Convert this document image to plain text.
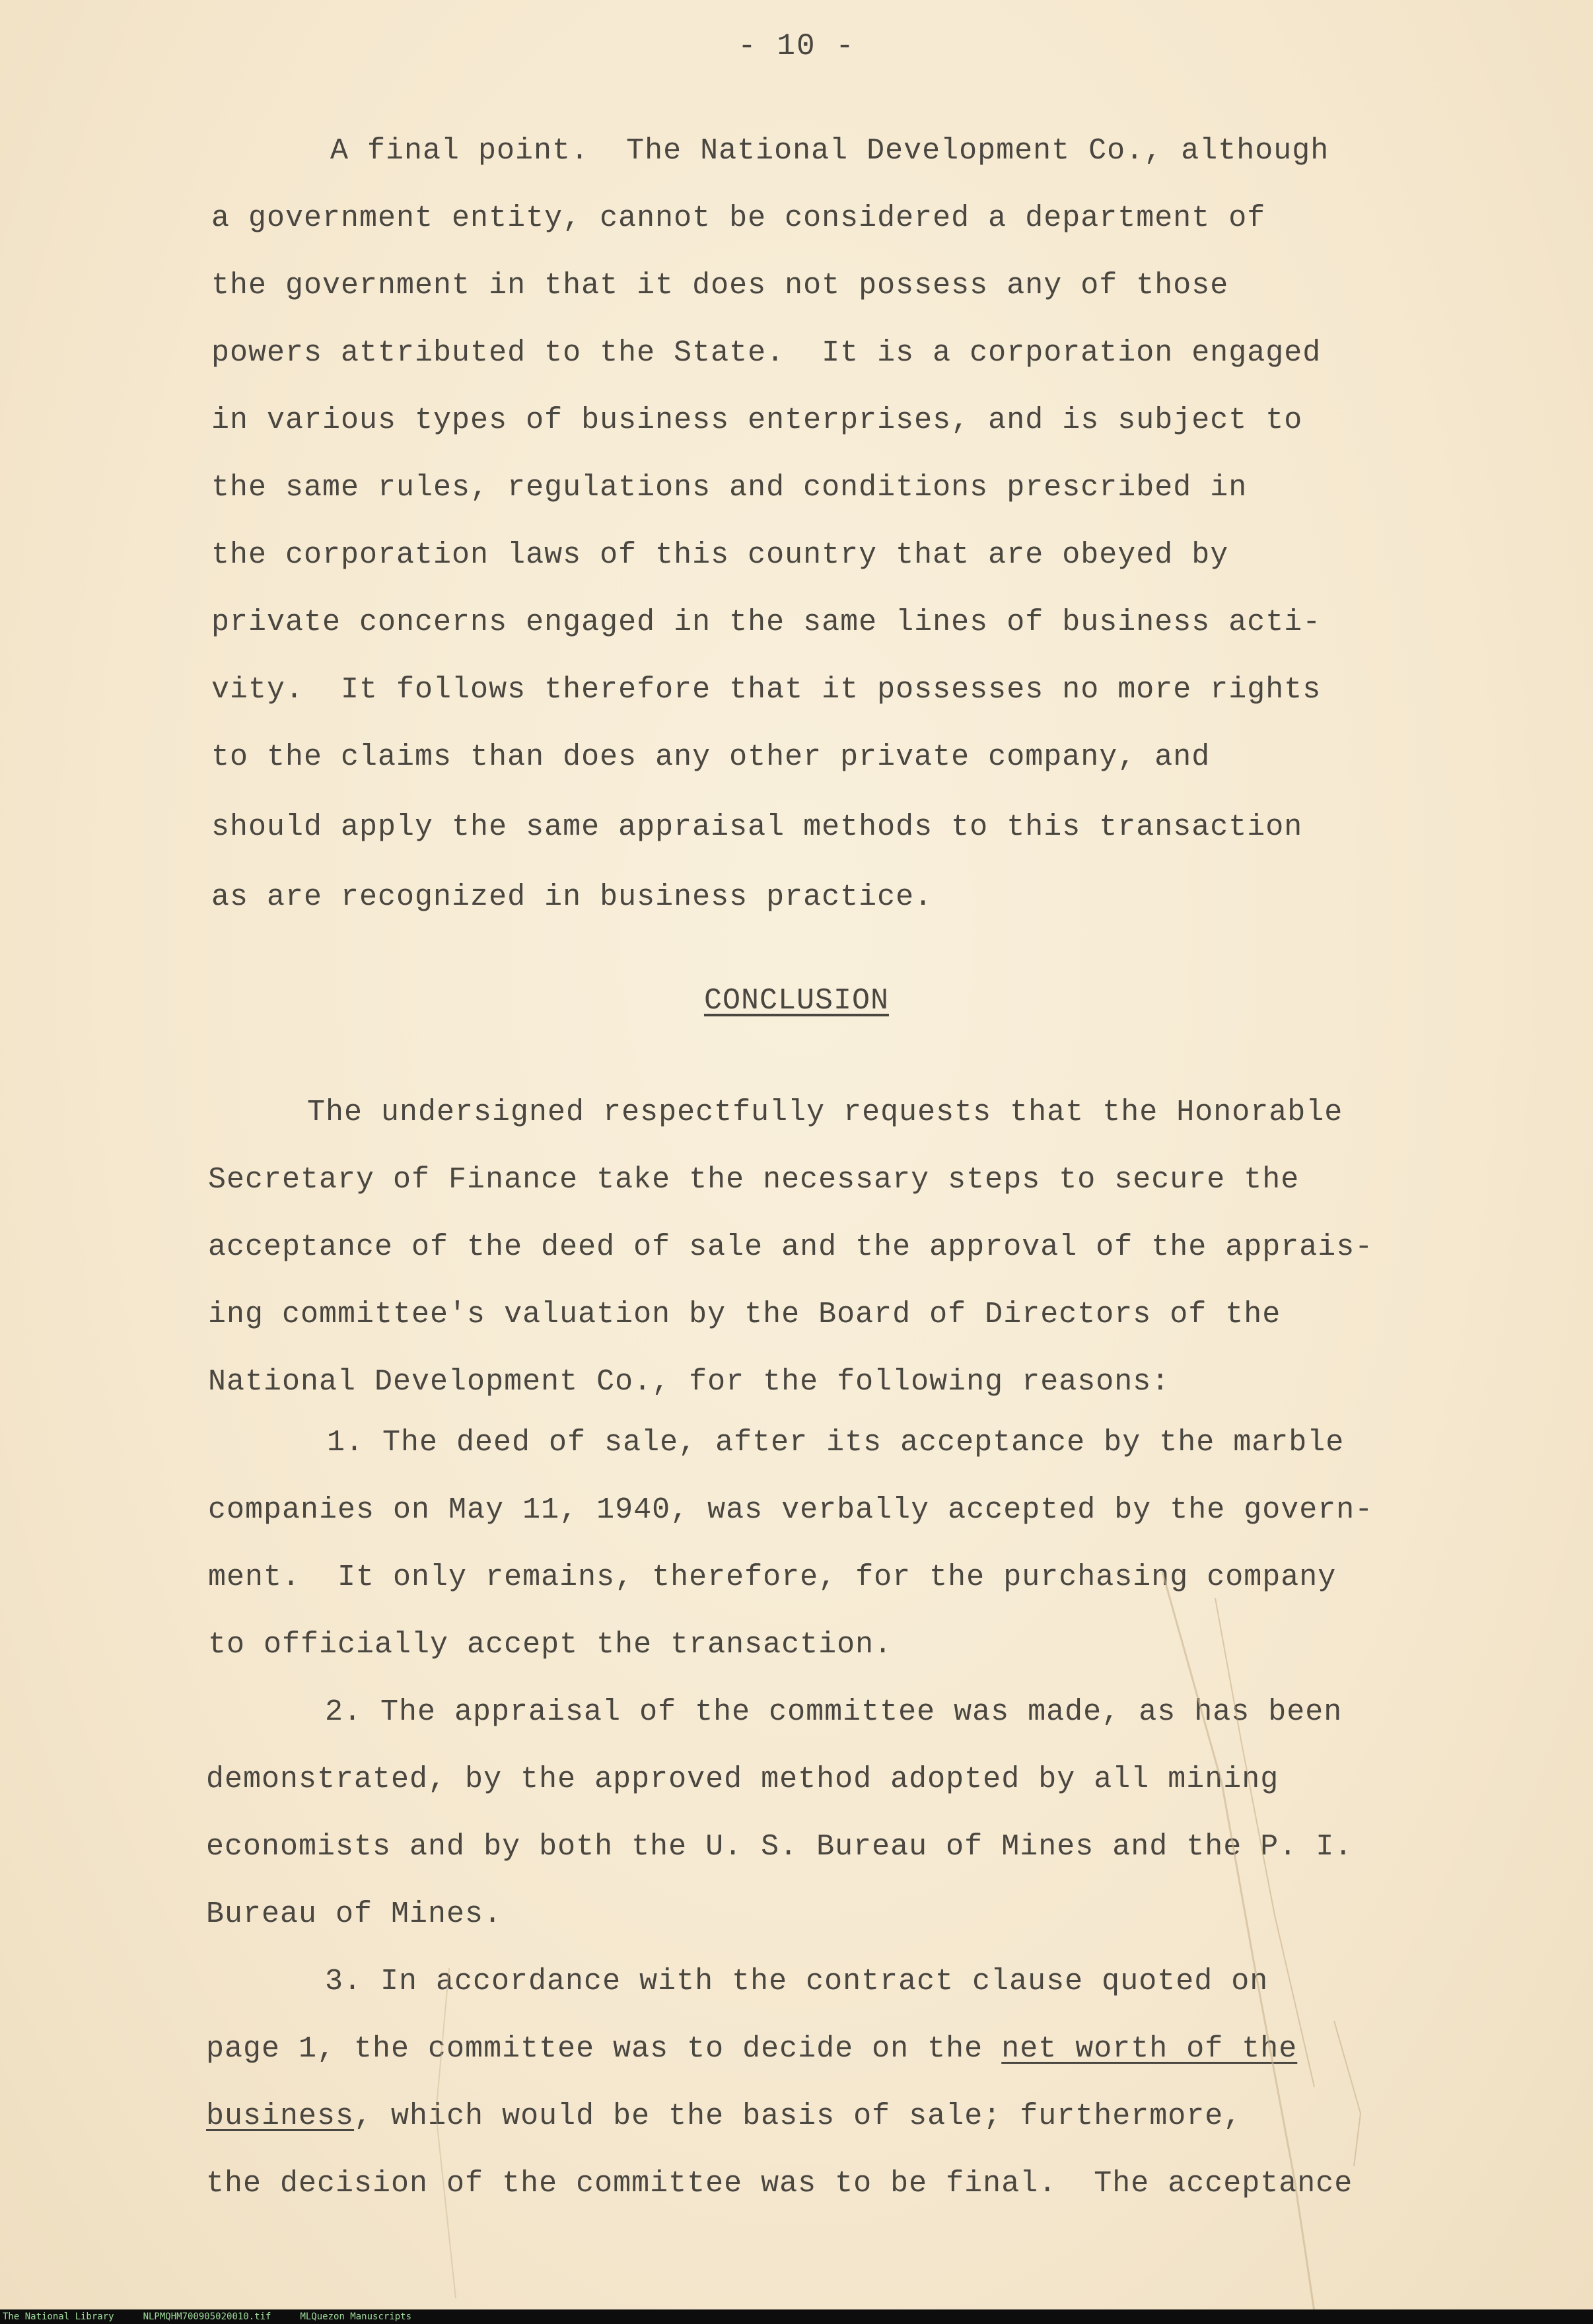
- 10 -
A final point.  The National Development Co., although
a government entity, cannot be considered a department of
the government in that it does not possess any of those
powers attributed to the State.  It is a corporation engaged
in various types of business enterprises, and is subject to
the same rules, regulations and conditions prescribed in
the corporation laws of this country that are obeyed by
private concerns engaged in the same lines of business acti-
vity.  It follows therefore that it possesses no more rights
to the claims than does any other private company, and
should apply the same appraisal methods to this transaction
as are recognized in business practice.
CONCLUSION
The undersigned respectfully requests that the Honorable
Secretary of Finance take the necessary steps to secure the
acceptance of the deed of sale and the approval of the apprais-
ing committee's valuation by the Board of Directors of the
National Development Co., for the following reasons:
1. The deed of sale, after its acceptance by the marble
companies on May 11, 1940, was verbally accepted by the govern-
ment.  It only remains, therefore, for the purchasing company
to officially accept the transaction.
2. The appraisal of the committee was made, as has been
demonstrated, by the approved method adopted by all mining
economists and by both the U. S. Bureau of Mines and the P. I.
Bureau of Mines.
3. In accordance with the contract clause quoted on
page 1, the committee was to decide on the net worth of the
business, which would be the basis of sale; furthermore,
the decision of the committee was to be final.  The acceptance
The National Library	NLPMQHM700905020010.tif	MLQuezon Manuscripts
